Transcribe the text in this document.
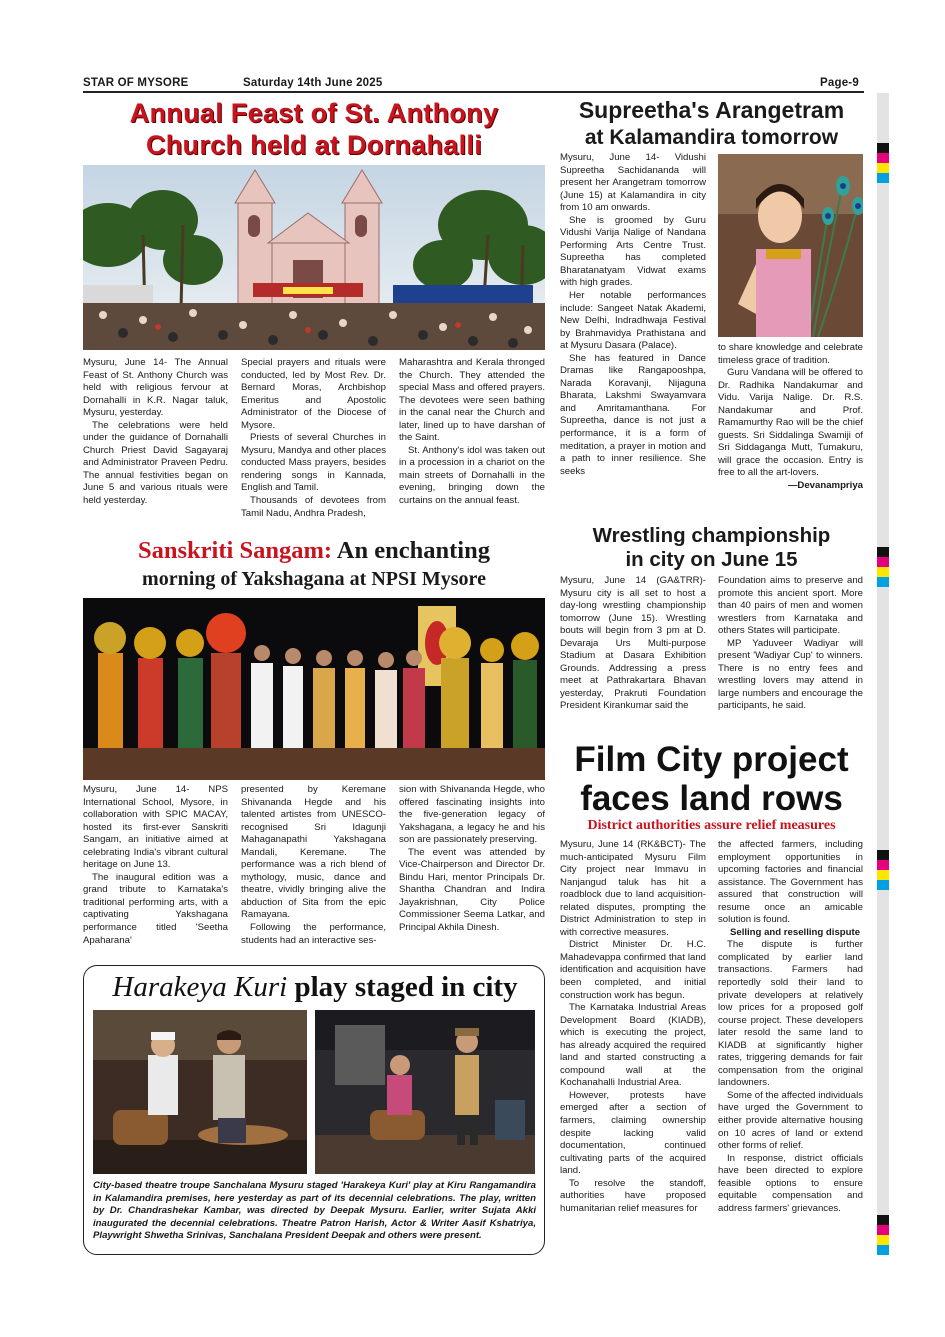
STAR OF MYSORE	Saturday 14th June 2025	Page-9
Annual Feast of St. Anthony
Church held at Dornahalli

Mysuru, June 14- The Annual Feast of St. Anthony Church was held with religious fervour at Dornahalli in K.R. Nagar taluk, Mysuru, yesterday.

The celebrations were held under the guidance of Dornahalli Church Priest David Sagayaraj and Administrator Praveen Pedru. The annual festivities began on June 5 and various rituals were held yesterday.

Special prayers and rituals were conducted, led by Most Rev. Dr. Bernard Moras, Archbishop Emeritus and Apostolic Administrator of the Diocese of Mysore.

Priests of several Churches in Mysuru, Mandya and other places conducted Mass prayers, besides rendering songs in Kannada, English and Tamil.

Thousands of devotees from Tamil Nadu, Andhra Pradesh,

Maharashtra and Kerala thronged the Church. They attended the special Mass and offered prayers. The devotees were seen bathing in the canal near the Church and later, lined up to have darshan of the Saint.

St. Anthony's idol was taken out in a procession in a chariot on the main streets of Dornahalli in the evening, bringing down the curtains on the annual feast.

Supreetha's Arangetram
at Kalamandira tomorrow

Mysuru, June 14- Vidushi Supreetha Sachidananda will present her Arangetram tomorrow (June 15) at Kalamandira in city from 10 am onwards.

She is groomed by Guru Vidushi Varija Nalige of Nandana Performing Arts Centre Trust. Supreetha has completed Bharatanatyam Vidwat exams with high grades.

Her notable performances include: Sangeet Natak Akademi, New Delhi, Indradhwaja Festival by Brahmavidya Prathistana and at Mysuru Dasara (Palace).

She has featured in Dance Dramas like Rangapooshpa, Narada Koravanji, Nijaguna Bharata, Lakshmi Swayamvara and Amritamanthana. For Supreetha, dance is not just a performance, it is a form of meditation, a prayer in motion and a path to inner resilience. She seeks

to share knowledge and celebrate timeless grace of tradition.

Guru Vandana will be offered to Dr. Radhika Nandakumar and Vidu. Varija Nalige. Dr. R.S. Nandakumar and Prof. Ramamurthy Rao will be the chief guests. Sri Siddalinga Swamiji of Sri Siddaganga Mutt, Tumakuru, will grace the occasion. Entry is free to all the art-lovers.

—Devanampriya

Sanskriti Sangam: An enchanting
morning of Yakshagana at NPSI Mysore

Mysuru, June 14- NPS International School, Mysore, in collaboration with SPIC MACAY, hosted its first-ever Sanskriti Sangam, an initiative aimed at celebrating India's vibrant cultural heritage on June 13.

The inaugural edition was a grand tribute to Karnataka's traditional performing arts, with a captivating Yakshagana performance titled 'Seetha Apaharana'

presented by Keremane Shivananda Hegde and his talented artistes from UNESCO-recognised Sri Idagunji Mahaganapathi Yakshagana Mandali, Keremane. The performance was a rich blend of mythology, music, dance and theatre, vividly bringing alive the abduction of Sita from the epic Ramayana.

Following the performance, students had an interactive ses-

sion with Shivananda Hegde, who offered fascinating insights into the five-generation legacy of Yakshagana, a legacy he and his son are passionately preserving.

The event was attended by Vice-Chairperson and Director Dr. Bindu Hari, mentor Principals Dr. Shantha Chandran and Indira Jayakrishnan, City Police Commissioner Seema Latkar, and Principal Akhila Dinesh.

Wrestling championship
in city on June 15

Mysuru, June 14 (GA&TRR)- Mysuru city is all set to host a day-long wrestling championship tomorrow (June 15). Wrestling bouts will begin from 3 pm at D. Devaraja Urs Multi-purpose Stadium at Dasara Exhibition Grounds. Addressing a press meet at Pathrakartara Bhavan yesterday, Prakruti Foundation President Kirankumar said the

Foundation aims to preserve and promote this ancient sport. More than 40 pairs of men and women wrestlers from Karnataka and others States will participate.

MP Yaduveer Wadiyar will present 'Wadiyar Cup' to winners. There is no entry fees and wrestling lovers may attend in large numbers and encourage the participants, he said.

Film City project
faces land rows
District authorities assure relief measures

Mysuru, June 14 (RK&BCT)- The much-anticipated Mysuru Film City project near Immavu in Nanjangud taluk has hit a roadblock due to land acquisition-related disputes, prompting the District Administration to step in with corrective measures.

District Minister Dr. H.C. Mahadevappa confirmed that land identification and acquisition have been completed, and initial construction work has begun.

The Karnataka Industrial Areas Development Board (KIADB), which is executing the project, has already acquired the required land and started constructing a compound wall at the Kochanahalli Industrial Area.

However, protests have emerged after a section of farmers, claiming ownership despite lacking valid documentation, continued cultivating parts of the acquired land.

To resolve the standoff, authorities have proposed humanitarian relief measures for

the affected farmers, including employment opportunities in upcoming factories and financial assistance. The Government has assured that construction will resume once an amicable solution is found.

Selling and reselling dispute

The dispute is further complicated by earlier land transactions. Farmers had reportedly sold their land to private developers at relatively low prices for a proposed golf course project. These developers later resold the same land to KIADB at significantly higher rates, triggering demands for fair compensation from the original landowners.

Some of the affected individuals have urged the Government to either provide alternative housing on 10 acres of land or extend other forms of relief.

In response, district officials have been directed to explore feasible options to ensure equitable compensation and address farmers' grievances.

Harakeya Kuri play staged in city
City-based theatre troupe Sanchalana Mysuru staged 'Harakeya Kuri' play at Kiru Rangamandira in Kalamandira premises, here yesterday as part of its decennial celebrations. The play, written by Dr. Chandrashekar Kambar, was directed by Deepak Mysuru. Earlier, writer Sujata Akki inaugurated the decennial celebrations. Theatre Patron Harish, Actor & Writer Aasif Kshatriya, Playwright Shwetha Srinivas, Sanchalana President Deepak and others were present.
